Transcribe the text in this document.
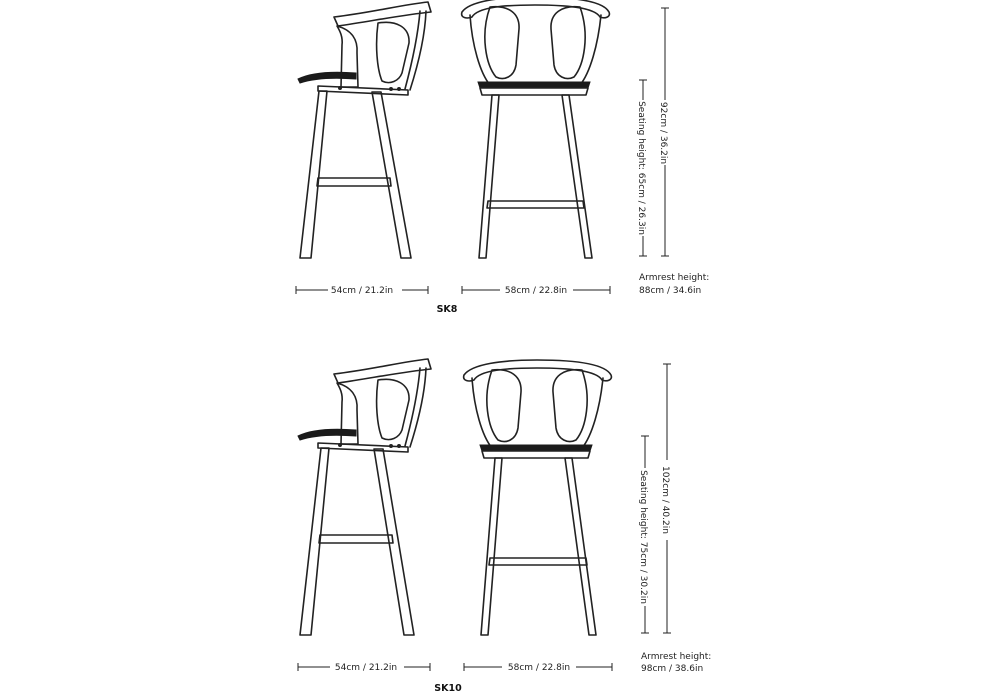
54cm / 21.2in	58cm / 22.8in
92cm / 36.2in
Seating height: 65cm / 26.3in
Armrest height:
88cm / 34.6in
SK8
54cm / 21.2in	58cm / 22.8in
102cm / 40.2in
Seating height: 75cm / 30.2in
Armrest height:
98cm / 38.6in
SK10
